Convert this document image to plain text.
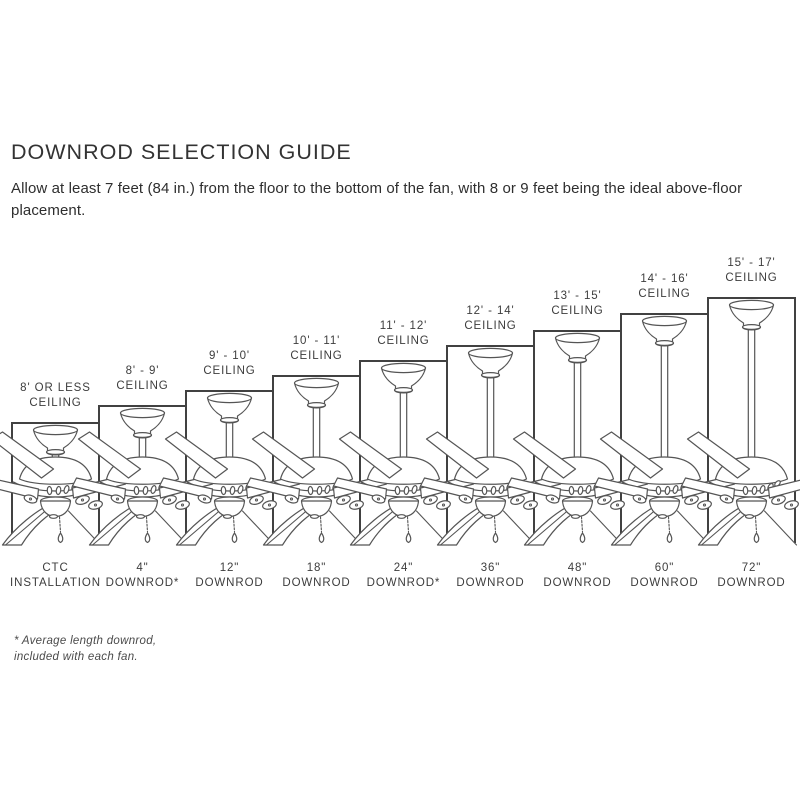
DOWNROD SELECTION GUIDE
Allow at least 7 feet (84 in.) from the floor to the bottom of the fan, with 8 or 9 feet being the ideal above-floor placement.
8' OR LESS
CEILING
8' - 9'
CEILING
9' - 10'
CEILING
10' - 11'
CEILING
11' - 12'
CEILING
12' - 14'
CEILING
13' - 15'
CEILING
14' - 16'
CEILING
15' - 17'
CEILING
CTC
INSTALLATION
4"
DOWNROD*
12"
DOWNROD
18"
DOWNROD
24"
DOWNROD*
36"
DOWNROD
48"
DOWNROD
60"
DOWNROD
72"
DOWNROD
* Average length downrod,
included with each fan.
